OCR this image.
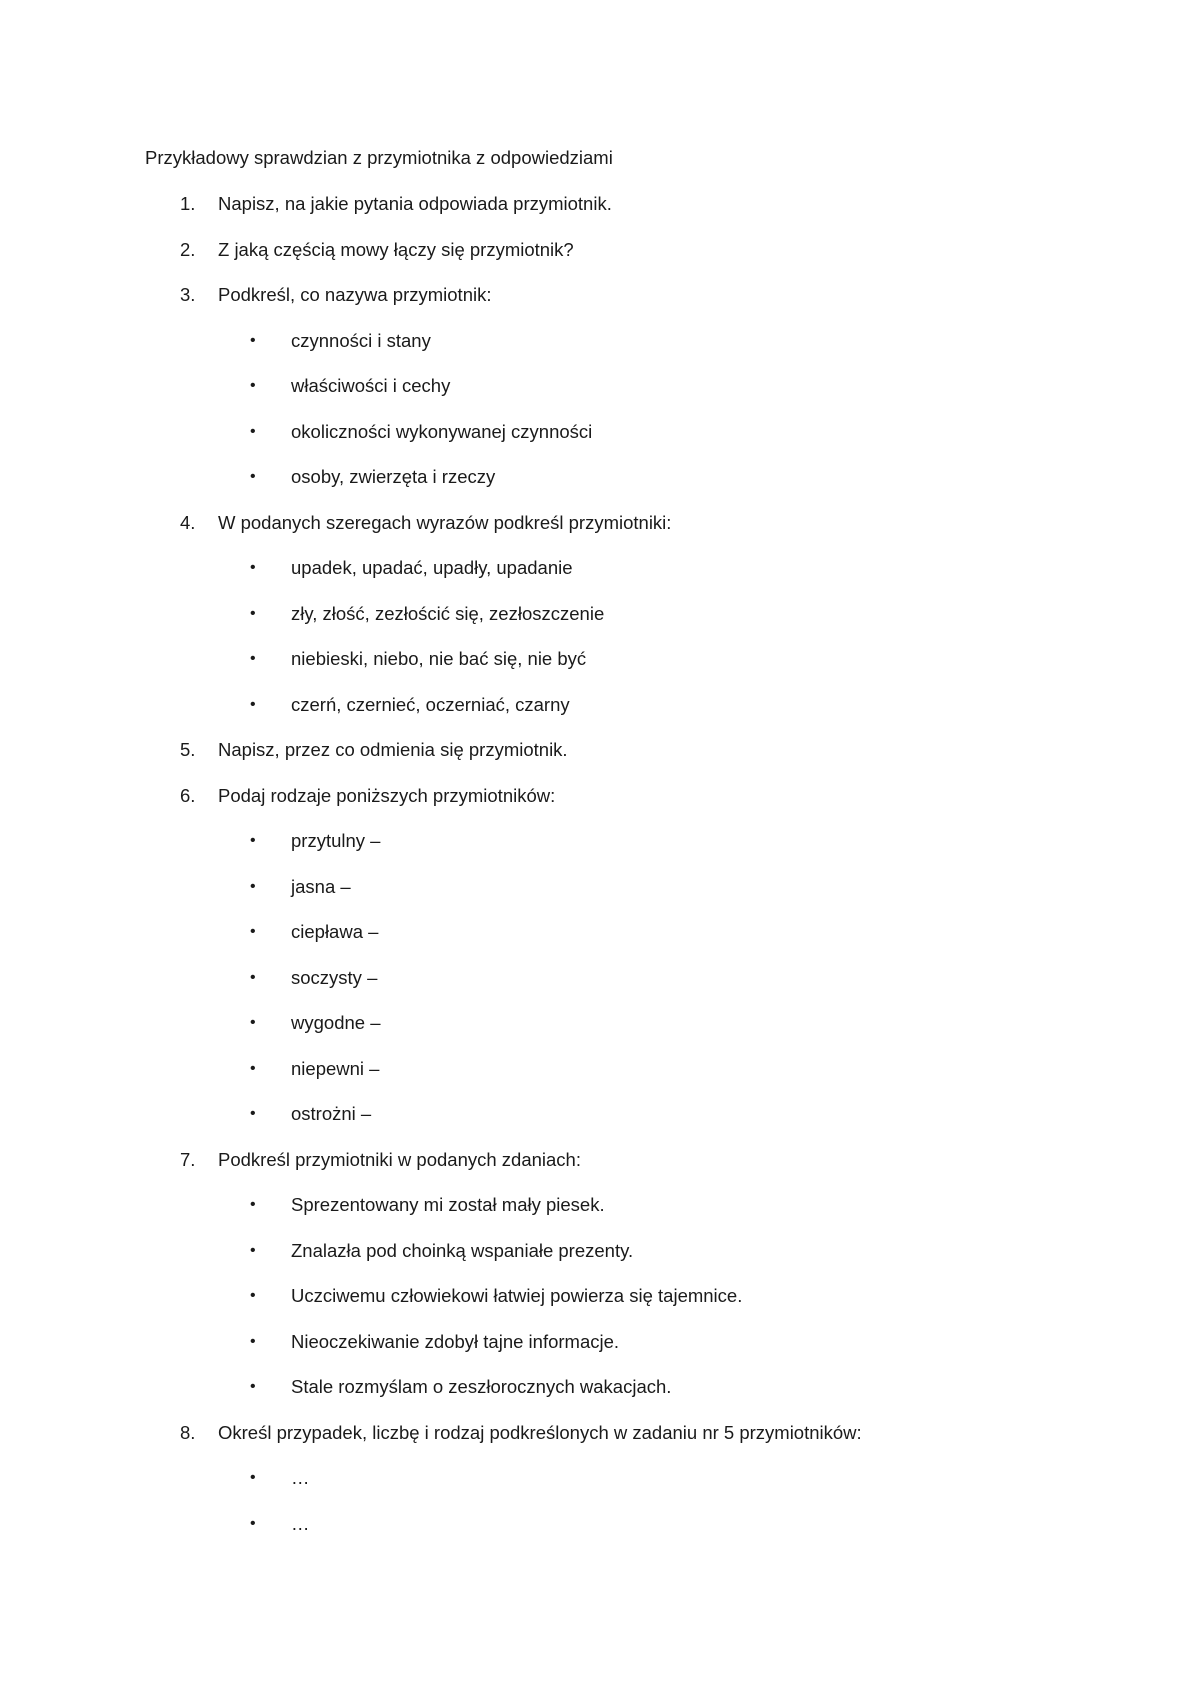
Przykładowy sprawdzian z przymiotnika z odpowiedziami
1.	Napisz, na jakie pytania odpowiada przymiotnik.
2.	Z jaką częścią mowy łączy się przymiotnik?
3.	Podkreśl, co nazywa przymiotnik:
•	czynności i stany
•	właściwości i cechy
•	okoliczności wykonywanej czynności
•	osoby, zwierzęta i rzeczy
4.	W podanych szeregach wyrazów podkreśl przymiotniki:
•	upadek, upadać, upadły, upadanie
•	zły, złość, zezłościć się, zezłoszczenie
•	niebieski, niebo, nie bać się, nie być
•	czerń, czernieć, oczerniać, czarny
5.	Napisz, przez co odmienia się przymiotnik.
6.	Podaj rodzaje poniższych przymiotników:
•	przytulny –
•	jasna –
•	ciepława –
•	soczysty –
•	wygodne –
•	niepewni –
•	ostrożni –
7.	Podkreśl przymiotniki w podanych zdaniach:
•	Sprezentowany mi został mały piesek.
•	Znalazła pod choinką wspaniałe prezenty.
•	Uczciwemu człowiekowi łatwiej powierza się tajemnice.
•	Nieoczekiwanie zdobył tajne informacje.
•	Stale rozmyślam o zeszłorocznych wakacjach.
8.	Określ przypadek, liczbę i rodzaj podkreślonych w zadaniu nr 5 przymiotników:
•	…
•	…
